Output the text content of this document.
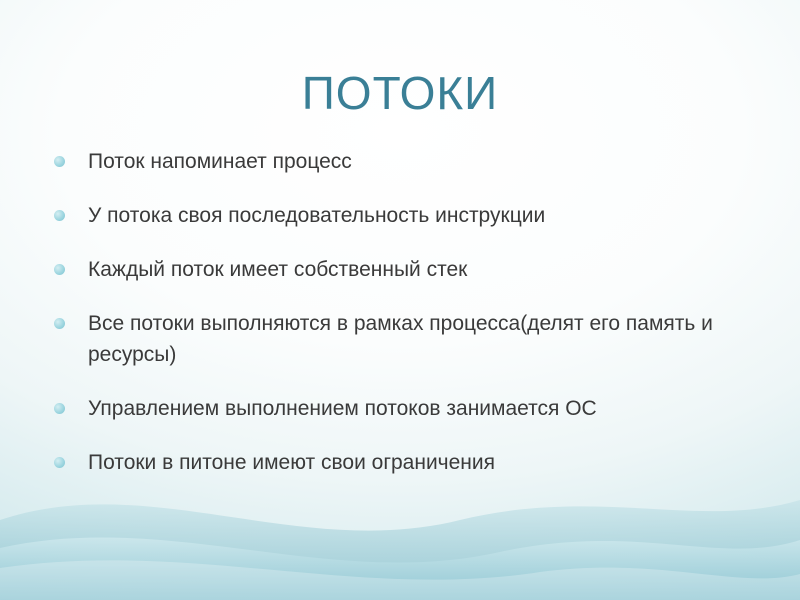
ПОТОКИ
Поток напоминает процесс
У потока своя последовательность инструкции
Каждый поток имеет собственный стек
Все потоки выполняются в рамках процесса(делят его память и ресурсы)
Управлением выполнением потоков занимается ОС
Потоки в питоне имеют свои ограничения
